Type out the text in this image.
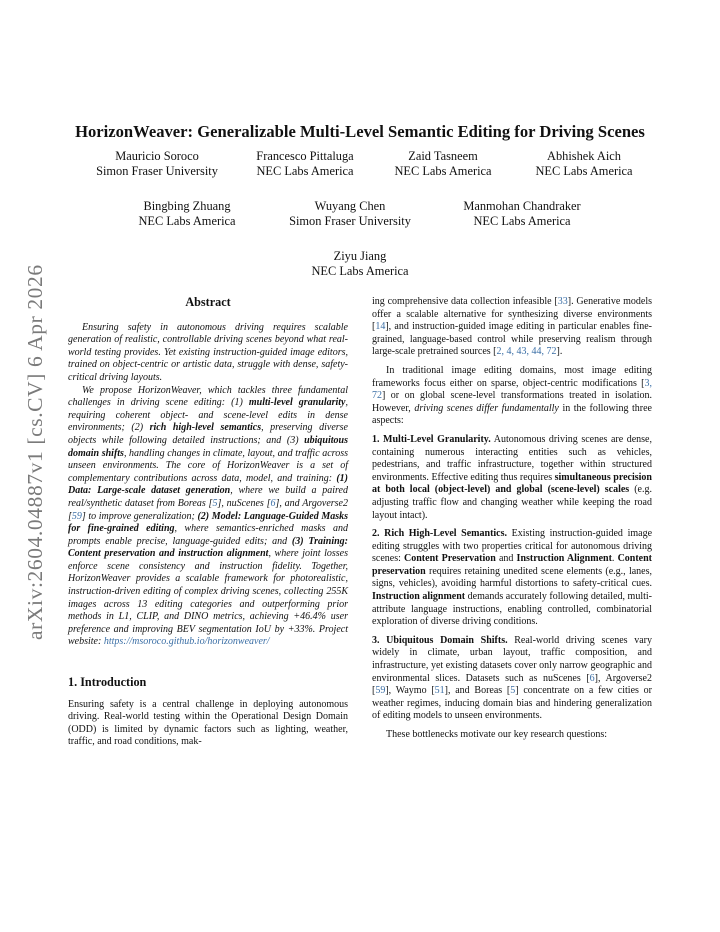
arXiv:2604.04887v1 [cs.CV] 6 Apr 2026
HorizonWeaver: Generalizable Multi-Level Semantic Editing for Driving Scenes
Mauricio Soroco
Simon Fraser University
Francesco Pittaluga
NEC Labs America
Zaid Tasneem
NEC Labs America
Abhishek Aich
NEC Labs America
Bingbing Zhuang
NEC Labs America
Wuyang Chen
Simon Fraser University
Manmohan Chandraker
NEC Labs America
Ziyu Jiang
NEC Labs America
Abstract

Ensuring safety in autonomous driving requires scalable generation of realistic, controllable driving scenes beyond what real-world testing provides. Yet existing instruction-guided image editors, trained on object-centric or artistic data, struggle with dense, safety-critical driving layouts.

We propose HorizonWeaver, which tackles three fundamental challenges in driving scene editing: (1) multi-level granularity, requiring coherent object- and scene-level edits in dense environments; (2) rich high-level semantics, preserving diverse objects while following detailed instructions; and (3) ubiquitous domain shifts, handling changes in climate, layout, and traffic across unseen environments. The core of HorizonWeaver is a set of complementary contributions across data, model, and training: (1) Data: Large-scale dataset generation, where we build a paired real/synthetic dataset from Boreas [5], nuScenes [6], and Argoverse2 [59] to improve generalization; (2) Model: Language-Guided Masks for fine-grained editing, where semantics-enriched masks and prompts enable precise, language-guided edits; and (3) Training: Content preservation and instruction alignment, where joint losses enforce scene consistency and instruction fidelity. Together, HorizonWeaver provides a scalable framework for photorealistic, instruction-driven editing of complex driving scenes, collecting 255K images across 13 editing categories and outperforming prior methods in L1, CLIP, and DINO metrics, achieving +46.4% user preference and improving BEV segmentation IoU by +33%. Project website: https://msoroco.github.io/horizonweaver/

1. Introduction

Ensuring safety is a central challenge in deploying autonomous driving. Real-world testing within the Operational Design Domain (ODD) is limited by dynamic factors such as lighting, weather, traffic, and road conditions, mak-

ing comprehensive data collection infeasible [33]. Generative models offer a scalable alternative for synthesizing diverse environments [14], and instruction-guided image editing in particular enables fine-grained, language-based control while preserving realism through large-scale pretrained sources [2, 4, 43, 44, 72].

In traditional image editing domains, most image editing frameworks focus either on sparse, object-centric modifications [3, 72] or on global scene-level transformations treated in isolation. However, driving scenes differ fundamentally in the following three aspects:

1. Multi-Level Granularity. Autonomous driving scenes are dense, containing numerous interacting entities such as vehicles, pedestrians, and traffic infrastructure, together within structured environments. Effective editing thus requires simultaneous precision at both local (object-level) and global (scene-level) scales (e.g. adjusting traffic flow and changing weather while keeping the road layout intact).

2. Rich High-Level Semantics. Existing instruction-guided image editing struggles with two properties critical for autonomous driving scenes: Content Preservation and Instruction Alignment. Content preservation requires retaining unedited scene elements (e.g., lanes, signs, vehicles), avoiding harmful distortions to safety-critical cues. Instruction alignment demands accurately following detailed, multi-attribute language instructions, enabling controlled, combinatorial exploration of diverse driving conditions.

3. Ubiquitous Domain Shifts. Real-world driving scenes vary widely in climate, urban layout, traffic composition, and infrastructure, yet existing datasets cover only narrow geographic and environmental slices. Datasets such as nuScenes [6], Argoverse2 [59], Waymo [51], and Boreas [5] concentrate on a few cities or weather regimes, inducing domain bias and hindering generalization of editing models to unseen environments.

These bottlenecks motivate our key research questions:
